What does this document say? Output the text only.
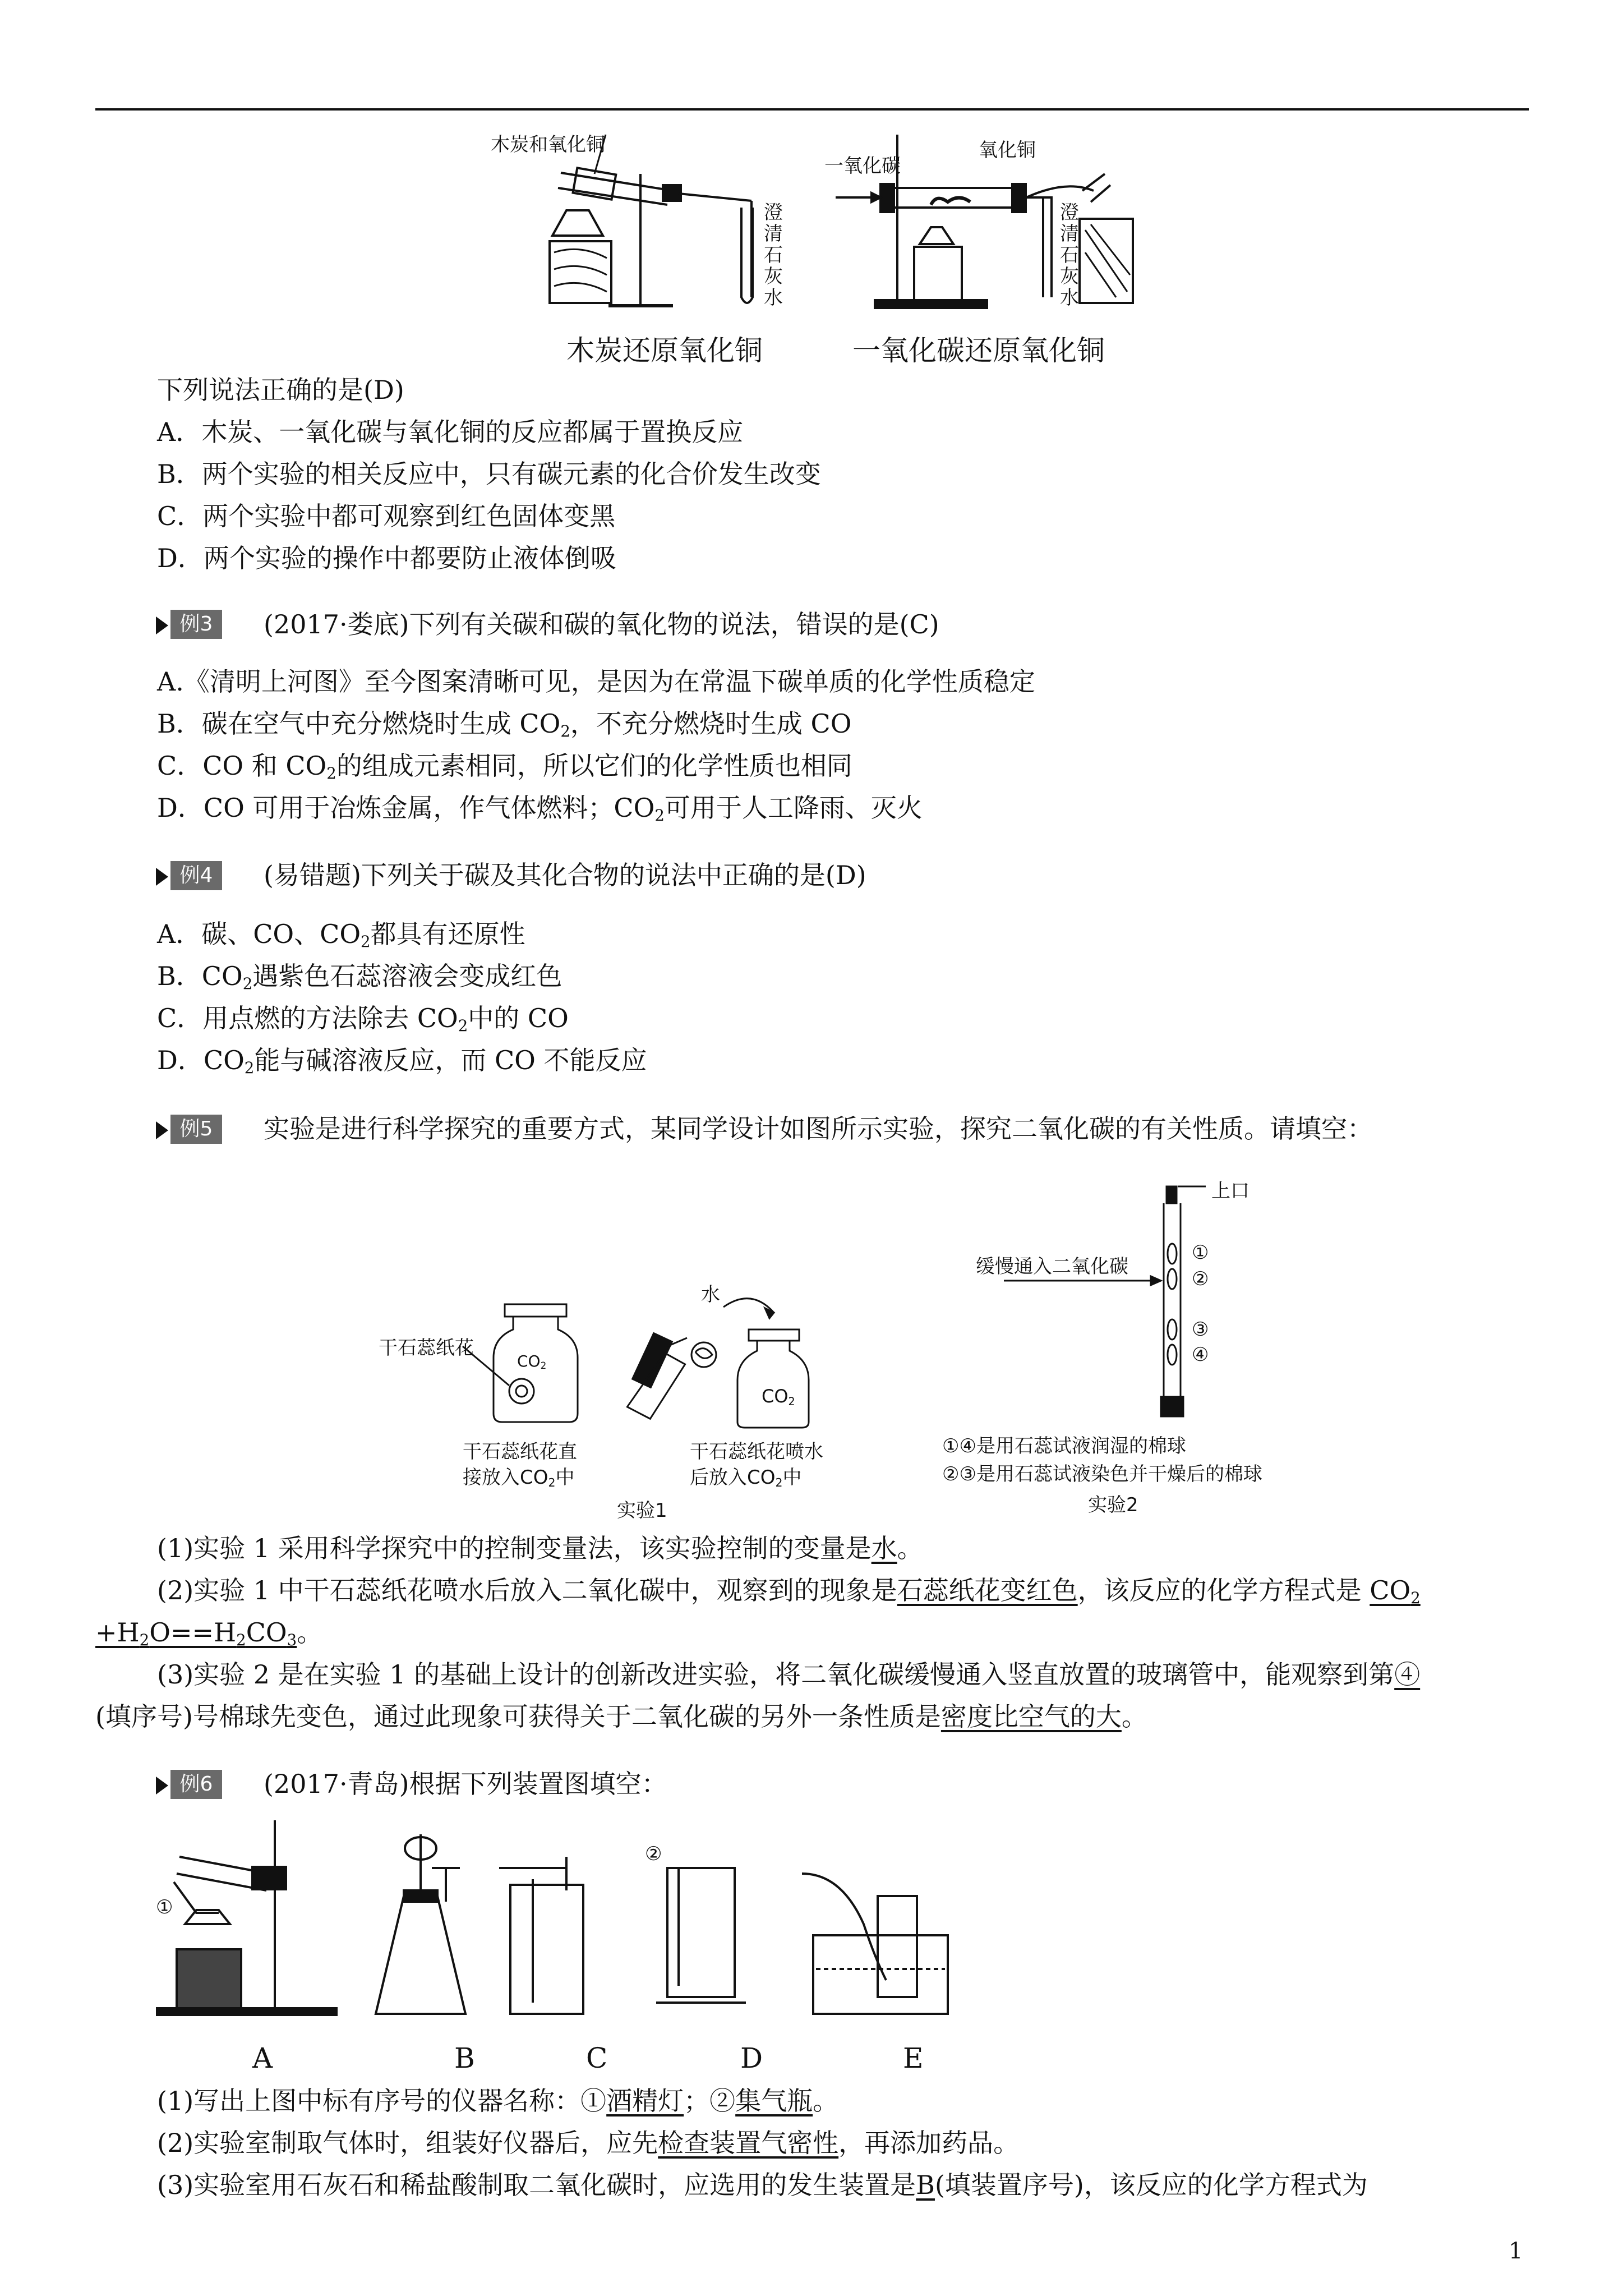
木炭和氧化铜
澄清石灰水
一氧化碳
氧化铜
澄清石灰水
木炭还原氧化铜	一氧化碳还原氧化铜
下列说法正确的是(D)
A．木炭、一氧化碳与氧化铜的反应都属于置换反应
B．两个实验的相关反应中，只有碳元素的化合价发生改变
C．两个实验中都可观察到红色固体变黑
D．两个实验的操作中都要防止液体倒吸
例3	(2017·娄底)下列有关碳和碳的氧化物的说法，错误的是(C)
A.《清明上河图》至今图案清晰可见，是因为在常温下碳单质的化学性质稳定
B．碳在空气中充分燃烧时生成 $CO_2$，不充分燃烧时生成 CO
C．CO 和 $CO_2$的组成元素相同，所以它们的化学性质也相同
D．CO 可用于冶炼金属，作气体燃料；$CO_2$可用于人工降雨、灭火
例4	(易错题)下列关于碳及其化合物的说法中正确的是(D)
A．碳、CO、$CO_2$都具有还原性
B．$CO_2$遇紫色石蕊溶液会变成红色
C．用点燃的方法除去 $CO_2$中的 CO
D．$CO_2$能与碱溶液反应，而 CO 不能反应
例5	实验是进行科学探究的重要方式，某同学设计如图所示实验，探究二氧化碳的有关性质。请填空：
干石蕊纸花
$CO_2$
水
$CO_2$
干石蕊纸花直
接放入$CO_2$中
干石蕊纸花喷水
后放入$CO_2$中
实验1
上口
缓慢通入二氧化碳
①
②
③
④
①④是用石蕊试液润湿的棉球
②③是用石蕊试液染色并干燥后的棉球
实验2
(1)实验 1 采用科学探究中的控制变量法，该实验控制的变量是水。
(2)实验 1 中干石蕊纸花喷水后放入二氧化碳中，观察到的现象是石蕊纸花变红色，该反应的化学方程式是 $CO_2$
$+H_2O==H_2CO_3$。
(3)实验 2 是在实验 1 的基础上设计的创新改进实验，将二氧化碳缓慢通入竖直放置的玻璃管中，能观察到第④
(填序号)号棉球先变色，通过此现象可获得关于二氧化碳的另外一条性质是密度比空气的大。
例6	(2017·青岛)根据下列装置图填空：
①
②
A	B	C	D	E
(1)写出上图中标有序号的仪器名称：①酒精灯；②集气瓶。
(2)实验室制取气体时，组装好仪器后，应先检查装置气密性，再添加药品。
(3)实验室用石灰石和稀盐酸制取二氧化碳时，应选用的发生装置是B(填装置序号)，该反应的化学方程式为
1
